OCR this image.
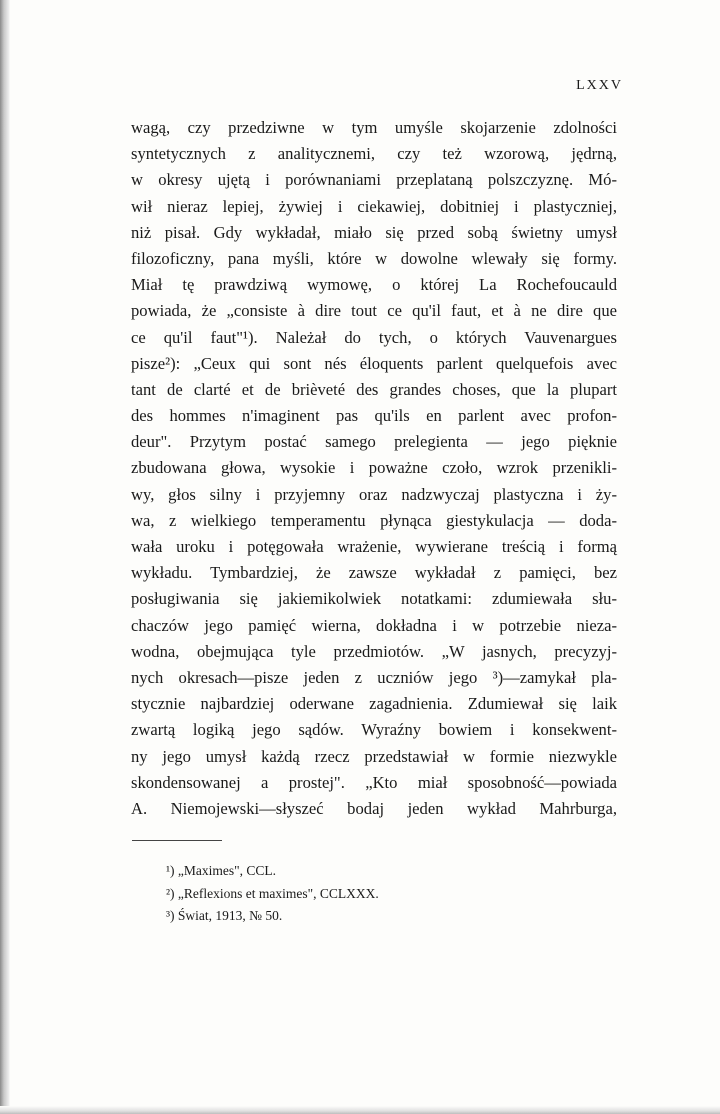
LXXV
wagą, czy przedziwne w tym umyśle skojarzenie zdolności
syntetycznych z analitycznemi, czy też wzorową, jędrną,
w okresy ujętą i porównaniami przeplataną polszczyznę. Mó-
wił nieraz lepiej, żywiej i ciekawiej, dobitniej i plastyczniej,
niż pisał. Gdy wykładał, miało się przed sobą świetny umysł
filozoficzny, pana myśli, które w dowolne wlewały się formy.
Miał tę prawdziwą wymowę, o której La Rochefoucauld
powiada, że „consiste à dire tout ce qu'il faut, et à ne dire que
ce qu'il faut"¹). Należał do tych, o których Vauvenargues
pisze²): „Ceux qui sont nés éloquents parlent quelquefois avec
tant de clarté et de brièveté des grandes choses, que la plupart
des hommes n'imaginent pas qu'ils en parlent avec profon-
deur". Przytym postać samego prelegienta — jego pięknie
zbudowana głowa, wysokie i poważne czoło, wzrok przenikli-
wy, głos silny i przyjemny oraz nadzwyczaj plastyczna i ży-
wa, z wielkiego temperamentu płynąca giestykulacja — doda-
wała uroku i potęgowała wrażenie, wywierane treścią i formą
wykładu. Tymbardziej, że zawsze wykładał z pamięci, bez
posługiwania się jakiemikolwiek notatkami: zdumiewała słu-
chaczów jego pamięć wierna, dokładna i w potrzebie nieza-
wodna, obejmująca tyle przedmiotów. „W jasnych, precyzyj-
nych okresach—pisze jeden z uczniów jego ³)—zamykał pla-
stycznie najbardziej oderwane zagadnienia. Zdumiewał się laik
zwartą logiką jego sądów. Wyraźny bowiem i konsekwent-
ny jego umysł każdą rzecz przedstawiał w formie niezwykle
skondensowanej a prostej". „Kto miał sposobność—powiada
A. Niemojewski—słyszeć bodaj jeden wykład Mahrburga,
¹) „Maximes", CCL.
²) „Reflexions et maximes", CCLXXX.
³) Świat, 1913, № 50.
